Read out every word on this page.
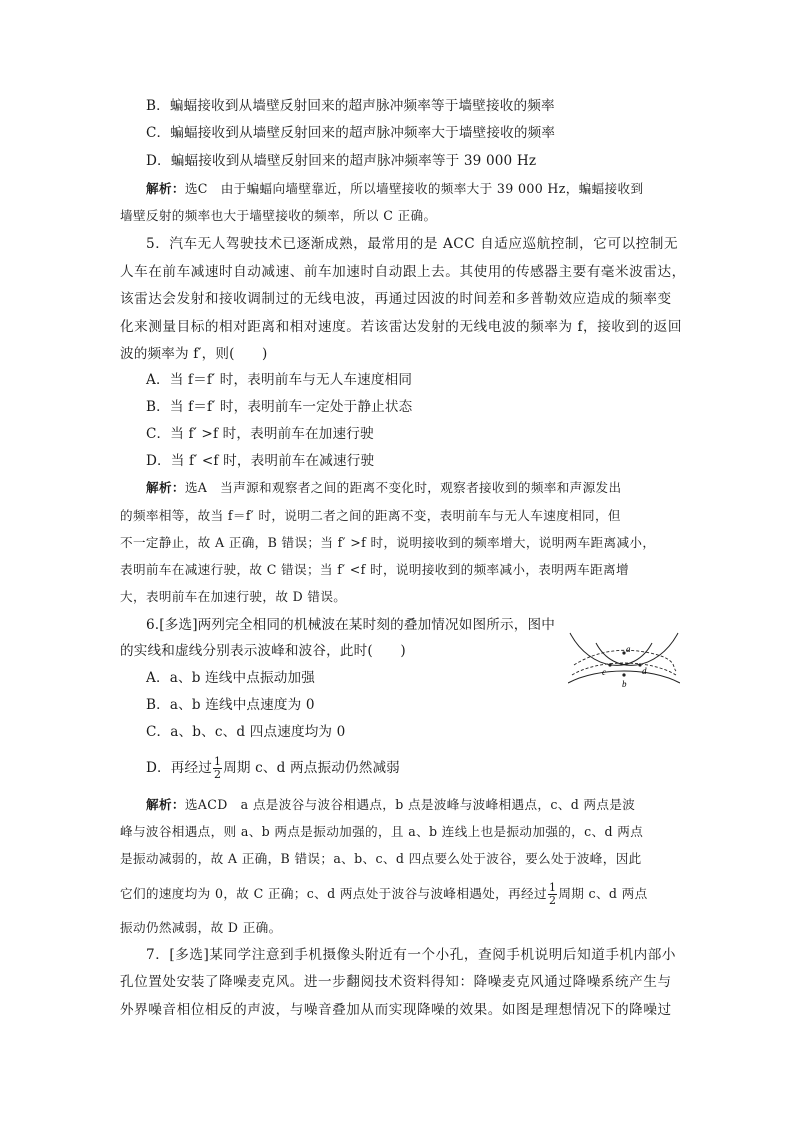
B．蝙蝠接收到从墙壁反射回来的超声脉冲频率等于墙壁接收的频率
C．蝙蝠接收到从墙壁反射回来的超声脉冲频率大于墙壁接收的频率
D．蝙蝠接收到从墙壁反射回来的超声脉冲频率等于 39 000 Hz
解析：选C　由于蝙蝠向墙壁靠近，所以墙壁接收的频率大于 39 000 Hz，蝙蝠接收到
墙壁反射的频率也大于墙壁接收的频率，所以 C 正确。
5．汽车无人驾驶技术已逐渐成熟，最常用的是 ACC 自适应巡航控制，它可以控制无
人车在前车减速时自动减速、前车加速时自动跟上去。其使用的传感器主要有毫米波雷达，
该雷达会发射和接收调制过的无线电波，再通过因波的时间差和多普勒效应造成的频率变
化来测量目标的相对距离和相对速度。若该雷达发射的无线电波的频率为 f，接收到的返回
波的频率为 f′，则(　　)
A．当 f＝f′ 时，表明前车与无人车速度相同
B．当 f＝f′ 时，表明前车一定处于静止状态
C．当 f′ >f 时，表明前车在加速行驶
D．当 f′ <f 时，表明前车在减速行驶
解析：选A　当声源和观察者之间的距离不变化时，观察者接收到的频率和声源发出
的频率相等，故当 f＝f′ 时，说明二者之间的距离不变，表明前车与无人车速度相同，但
不一定静止，故 A 正确，B 错误；当 f′ >f 时，说明接收到的频率增大，说明两车距离减小，
表明前车在减速行驶，故 C 错误；当 f′ <f 时，说明接收到的频率减小，表明两车距离增
大，表明前车在加速行驶，故 D 错误。
6.[多选]两列完全相同的机械波在某时刻的叠加情况如图所示，图中
的实线和虚线分别表示波峰和波谷，此时(　　)	a
b
c	d
A．a、b 连线中点振动加强
B．a、b 连线中点速度为 0
C．a、b、c、d 四点速度均为 0
D．再经过 $\frac{1}{2}$ 周期 c、d 两点振动仍然减弱
解析：选ACD　a 点是波谷与波谷相遇点，b 点是波峰与波峰相遇点，c、d 两点是波
峰与波谷相遇点，则 a、b 两点是振动加强的，且 a、b 连线上也是振动加强的，c、d 两点
是振动减弱的，故 A 正确，B 错误；a、b、c、d 四点要么处于波谷，要么处于波峰，因此
它们的速度均为 0，故 C 正确；c、d 两点处于波谷与波峰相遇处，再经过 $\frac{1}{2}$ 周期 c、d 两点
振动仍然减弱，故 D 正确。
7．[多选]某同学注意到手机摄像头附近有一个小孔，查阅手机说明后知道手机内部小
孔位置处安装了降噪麦克风。进一步翻阅技术资料得知：降噪麦克风通过降噪系统产生与
外界噪音相位相反的声波，与噪音叠加从而实现降噪的效果。如图是理想情况下的降噪过
